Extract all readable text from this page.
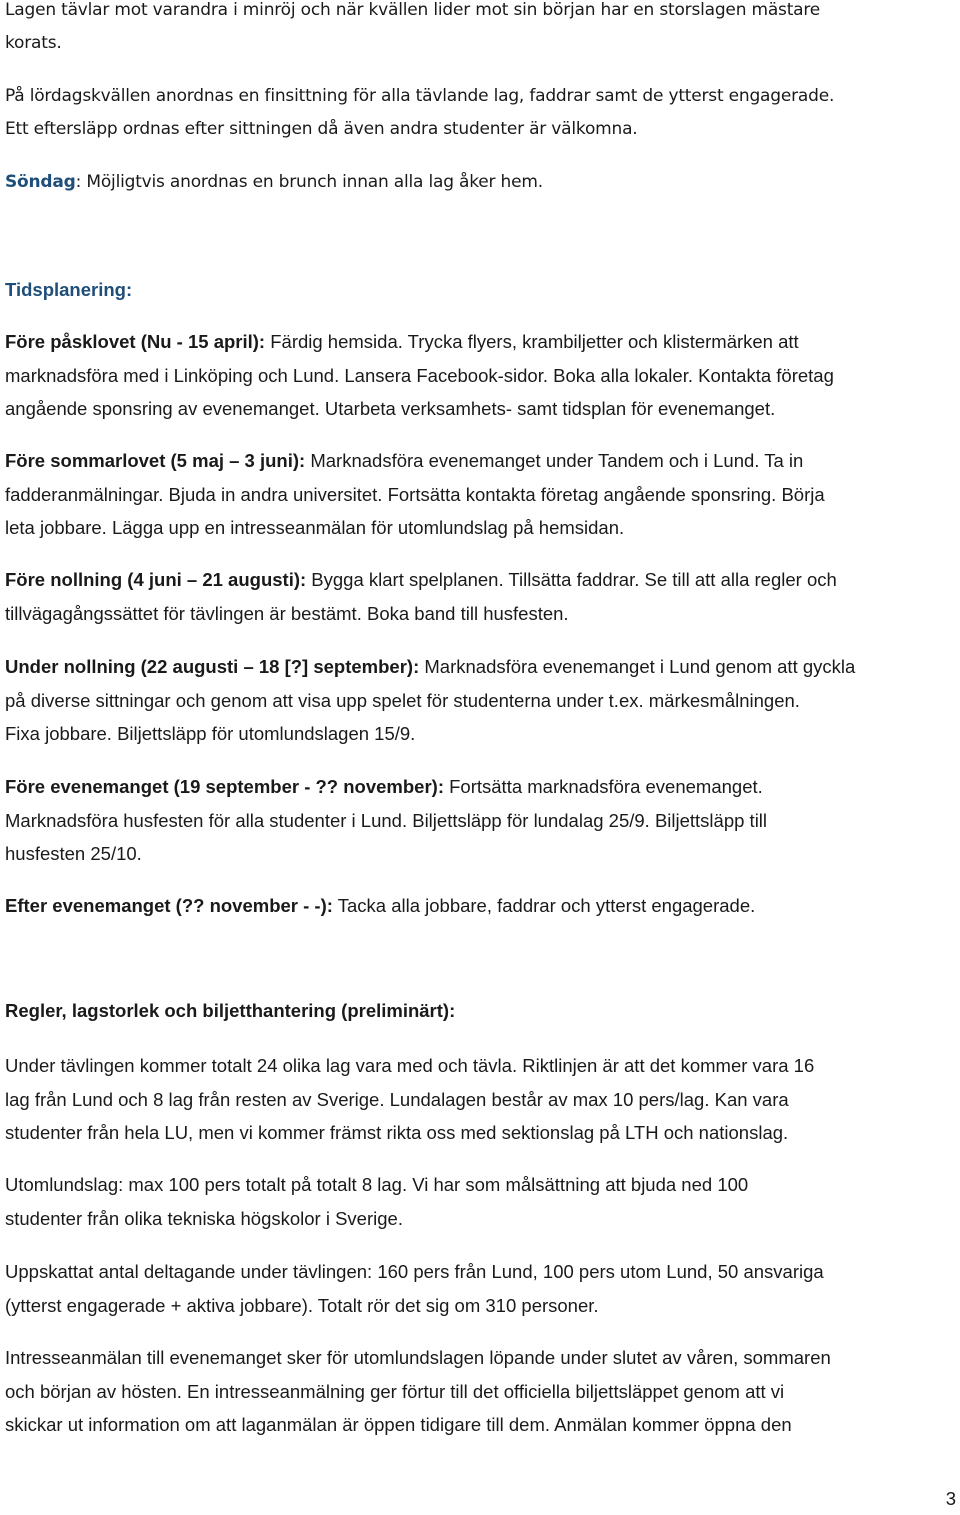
Lagen tävlar mot varandra i minröj och när kvällen lider mot sin början har en storslagen mästare
korats.
På lördagskvällen anordnas en finsittning för alla tävlande lag, faddrar samt de ytterst engagerade.
Ett eftersläpp ordnas efter sittningen då även andra studenter är välkomna.
Söndag: Möjligtvis anordnas en brunch innan alla lag åker hem.
Tidsplanering:
Före påsklovet (Nu - 15 april): Färdig hemsida. Trycka flyers, krambiljetter och klistermärken att
marknadsföra med i Linköping och Lund. Lansera Facebook-sidor. Boka alla lokaler. Kontakta företag
angående sponsring av evenemanget. Utarbeta verksamhets- samt tidsplan för evenemanget.
Före sommarlovet (5 maj – 3 juni): Marknadsföra evenemanget under Tandem och i Lund. Ta in
fadderanmälningar. Bjuda in andra universitet. Fortsätta kontakta företag angående sponsring. Börja
leta jobbare. Lägga upp en intresseanmälan för utomlundslag på hemsidan.
Före nollning (4 juni – 21 augusti): Bygga klart spelplanen. Tillsätta faddrar. Se till att alla regler och
tillvägagångssättet för tävlingen är bestämt. Boka band till husfesten.
Under nollning (22 augusti – 18 [?] september): Marknadsföra evenemanget i Lund genom att gyckla
på diverse sittningar och genom att visa upp spelet för studenterna under t.ex. märkesmålningen.
Fixa jobbare. Biljettsläpp för utomlundslagen 15/9.
Före evenemanget (19 september - ?? november): Fortsätta marknadsföra evenemanget.
Marknadsföra husfesten för alla studenter i Lund. Biljettsläpp för lundalag 25/9. Biljettsläpp till
husfesten 25/10.
Efter evenemanget (?? november - -): Tacka alla jobbare, faddrar och ytterst engagerade.
Regler, lagstorlek och biljetthantering (preliminärt):
Under tävlingen kommer totalt 24 olika lag vara med och tävla. Riktlinjen är att det kommer vara 16
lag från Lund och 8 lag från resten av Sverige. Lundalagen består av max 10 pers/lag. Kan vara
studenter från hela LU, men vi kommer främst rikta oss med sektionslag på LTH och nationslag.
Utomlundslag: max 100 pers totalt på totalt 8 lag. Vi har som målsättning att bjuda ned 100
studenter från olika tekniska högskolor i Sverige.
Uppskattat antal deltagande under tävlingen: 160 pers från Lund, 100 pers utom Lund, 50 ansvariga
(ytterst engagerade + aktiva jobbare). Totalt rör det sig om 310 personer.
Intresseanmälan till evenemanget sker för utomlundslagen löpande under slutet av våren, sommaren
och början av hösten. En intresseanmälning ger förtur till det officiella biljettsläppet genom att vi
skickar ut information om att laganmälan är öppen tidigare till dem. Anmälan kommer öppna den
3
